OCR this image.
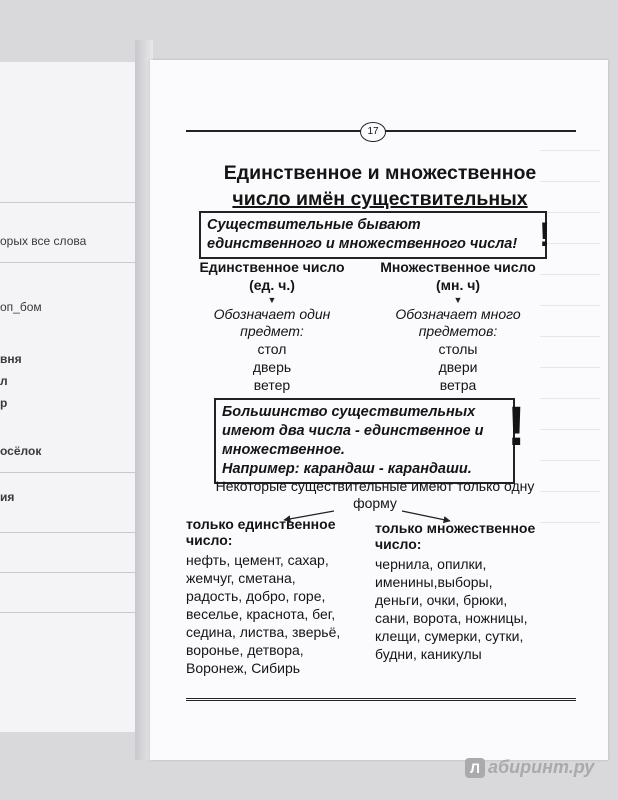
орых все слова
оп_бом
вня
л
р
осёлок
ия
17
Единственное и множественное
число имён существительных
Существительные бывают
единственного и множественного числа! !
Единственное число
(ед. ч.)
▼
Обозначает один
предмет:
стол
дверь
ветер
Множественное число
(мн. ч)
▼
Обозначает много
предметов:
столы
двери
ветра
Большинство существительных
имеют два числа - единственное и
множественное.
Например: карандаш - карандаши.
!
Некоторые существительные имеют только одну
форму
только единственное
число:
нефть, цемент, сахар,
жемчуг, сметана,
радость, добро, горе,
веселье, краснота, бег,
седина, листва, зверьё,
воронье, детвора,
Воронеж, Сибирь
только множественное
число:
чернила, опилки,
именины,выборы,
деньги, очки, брюки,
сани, ворота, ножницы,
клещи, сумерки, сутки,
будни, каникулы
Л абиринт.ру
